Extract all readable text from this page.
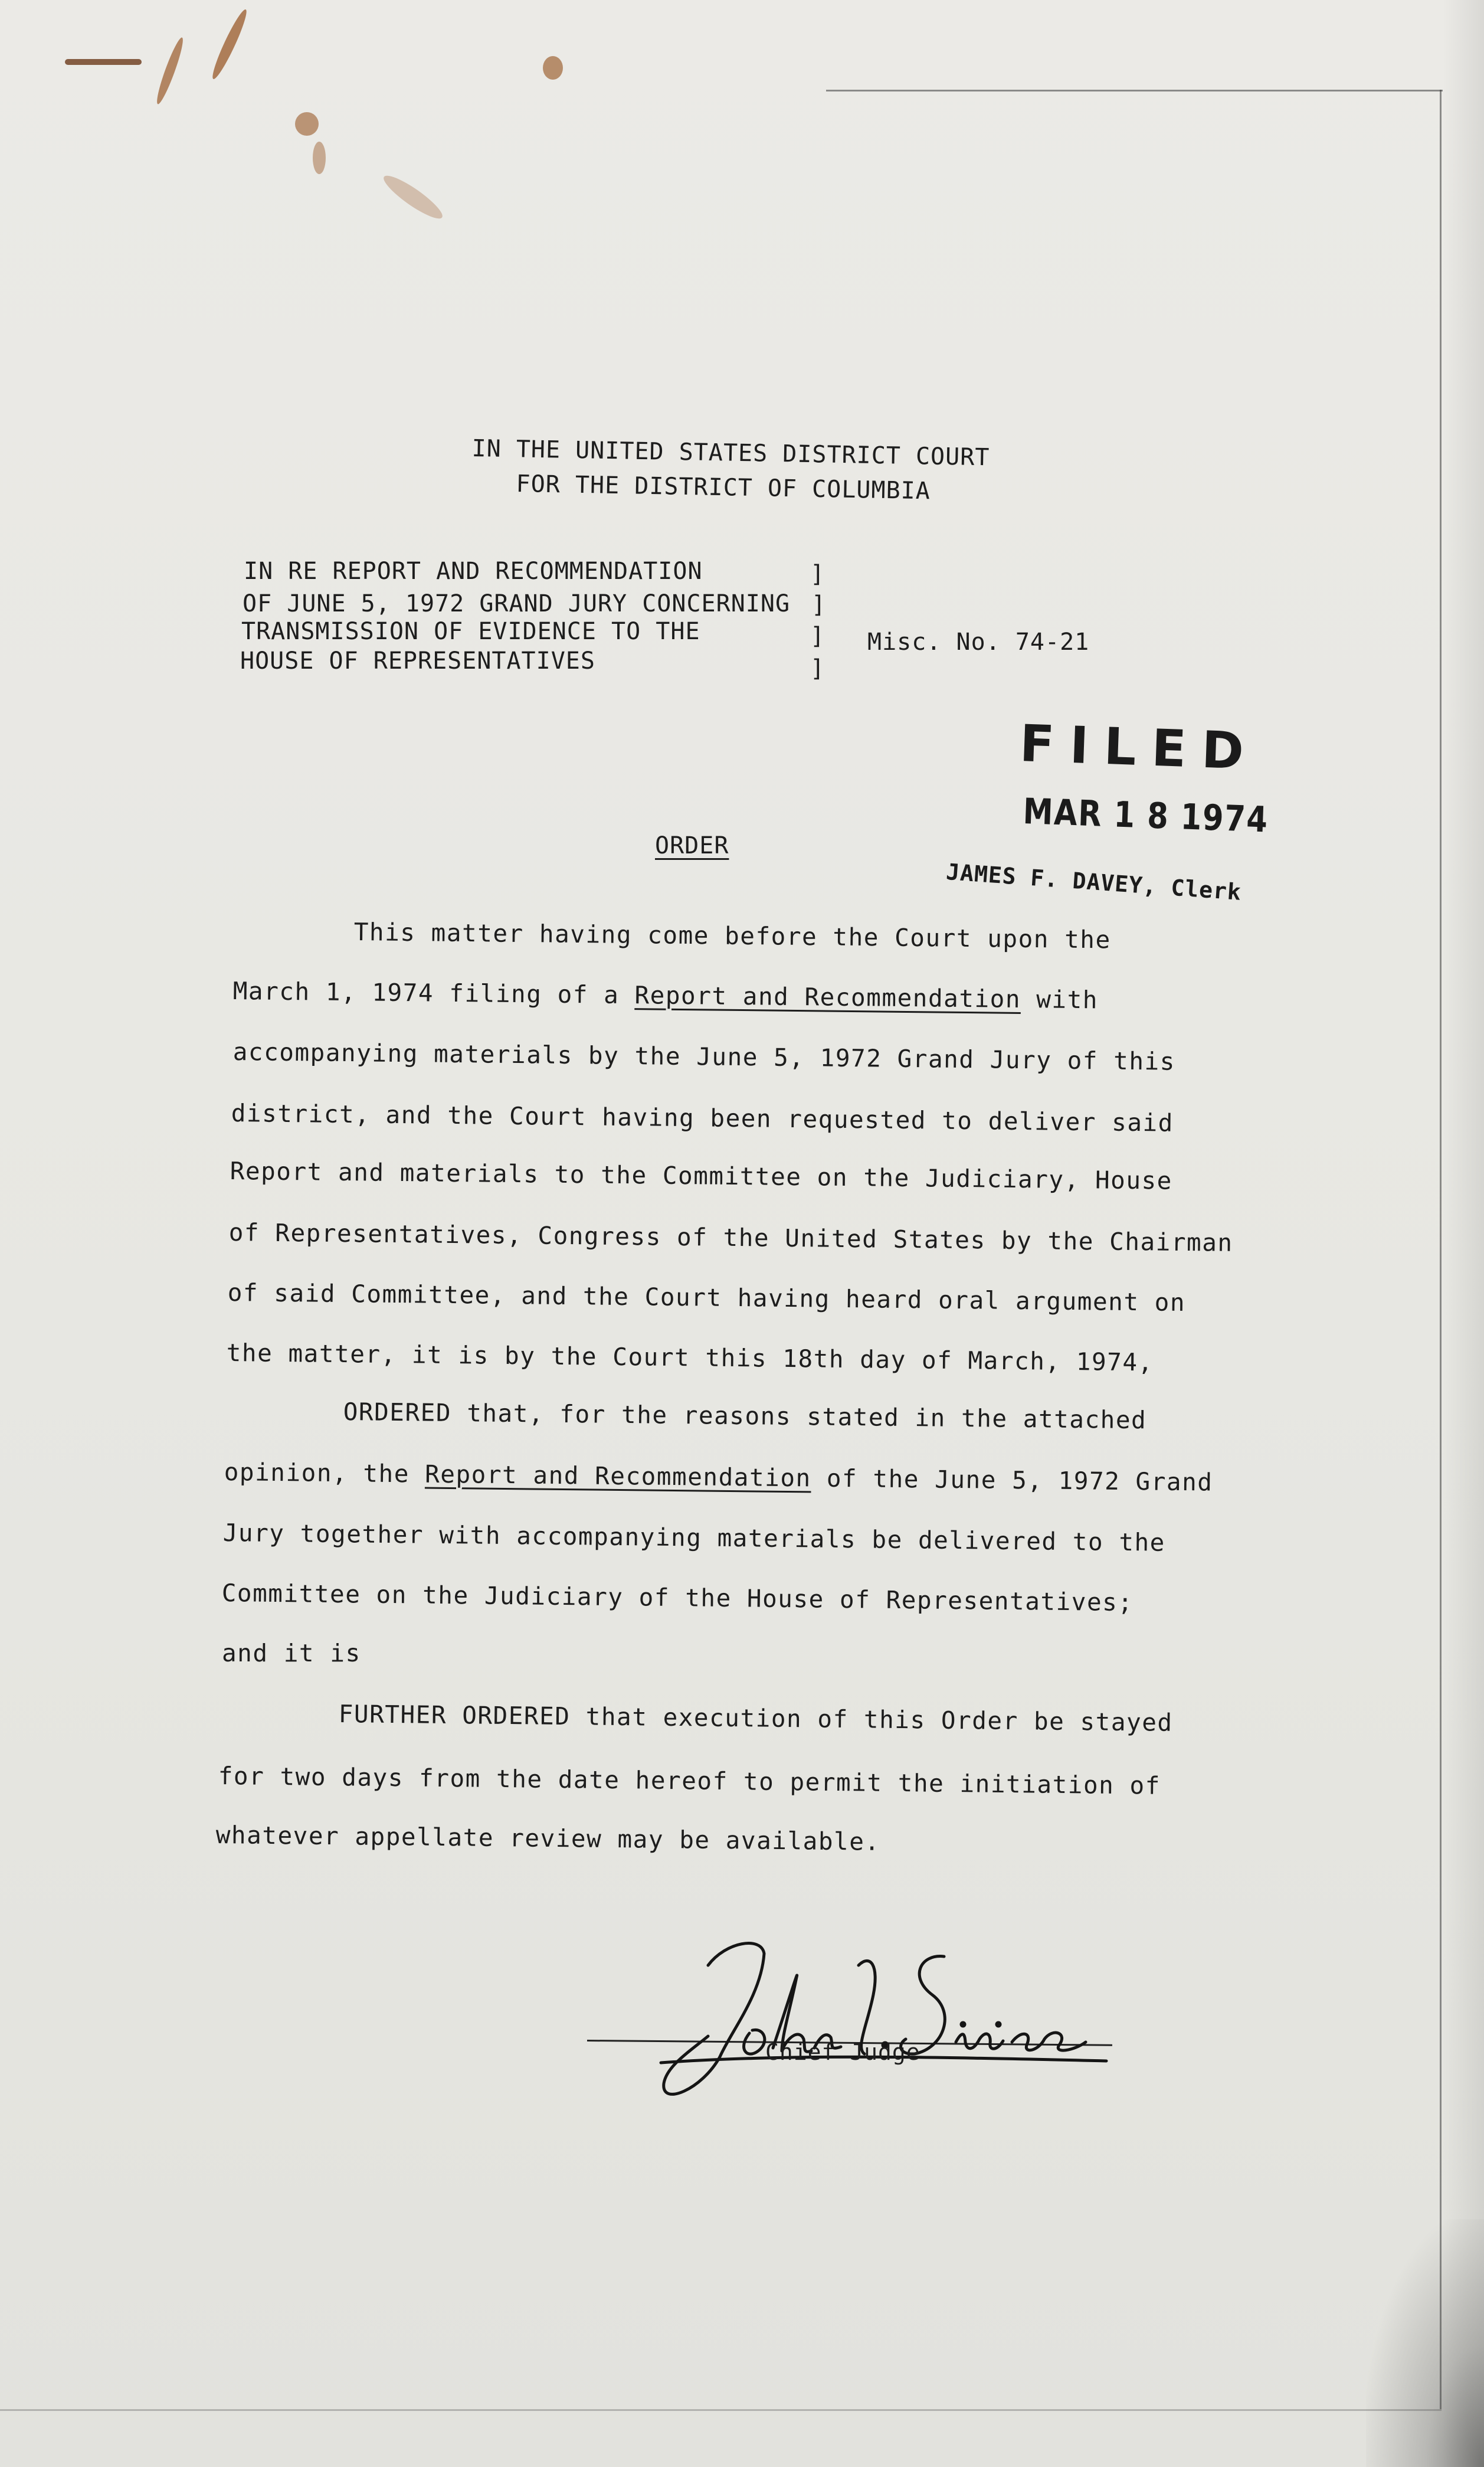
IN THE UNITED STATES DISTRICT COURT
FOR THE DISTRICT OF COLUMBIA
IN RE REPORT AND RECOMMENDATION
OF JUNE 5, 1972 GRAND JURY CONCERNING
TRANSMISSION OF EVIDENCE TO THE
HOUSE OF REPRESENTATIVES
]
]
]
]
Misc. No. 74-21
FILED
MAR 1 8 1974
JAMES F. DAVEY, Clerk
ORDER
This matter having come before the Court upon the
March 1, 1974 filing of a Report and Recommendation with
accompanying materials by the June 5, 1972 Grand Jury of this
district, and the Court having been requested to deliver said
Report and materials to the Committee on the Judiciary, House
of Representatives, Congress of the United States by the Chairman
of said Committee, and the Court having heard oral argument on
the matter, it is by the Court this 18th day of March, 1974,
ORDERED that, for the reasons stated in the attached
opinion, the Report and Recommendation of the June 5, 1972 Grand
Jury together with accompanying materials be delivered to the
Committee on the Judiciary of the House of Representatives;
and it is
FURTHER ORDERED that execution of this Order be stayed
for two days from the date hereof to permit the initiation of
whatever appellate review may be available.
Chief Judge
